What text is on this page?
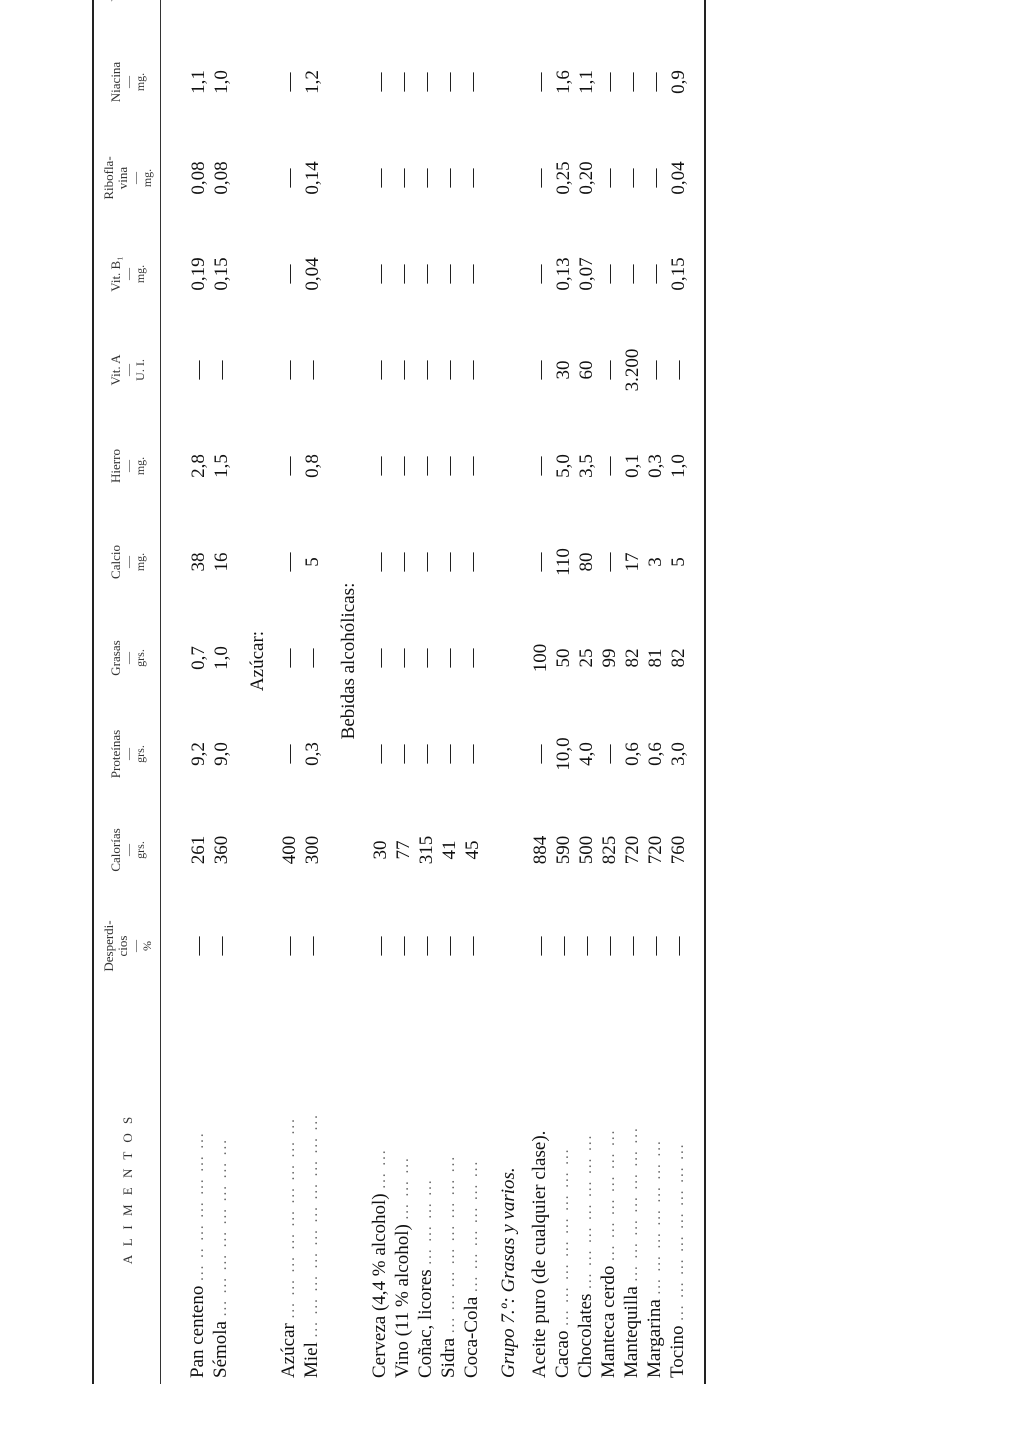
A L I M E N T O S	Desperdi-
cios
—
%	Calorías
—
grs.	Proteínas
—
grs.	Grasas
—
grs.	Calcio
—
mg.	Hierro
—
mg.	Vit. A
—
U. I.	Vit. B₁
—
mg.	Ribofla-
vina
—
mg.	Niacina
—
mg.

Pan centeno ... .. ... ... ... ... ...	—	261	9,2	0,7	38	2,8	—	0,19	0,08	1,1	
Sémola ... ... ... ... ... ... ... ...	—	360	9,0	1,0	16	1,5	—	0,15	0,08	1,0	
Azúcar:											
Azúcar ... ... ... ... ... ... ... ... ...	—	400	—	—	—	—	—	—	—	—	
Miel ... ... ... ... ... ... ... ... ... ...	—	300	0,3	—	5	0,8	—	0,04	0,14	1,2	
Bebidas alcohólicas:											
Cerveza (4,4 % alcohol) ... ...	—	30	—	—	—	—	—	—	—	—	
Vino (11 % alcohol) ... ... ...	—	77	—	—	—	—	—	—	—	—	
Coñac, licores ... ... ... ...	—	315	—	—	—	—	—	—	—	—	
Sidra ... ... ... ... ... ... ... ...	—	41	—	—	—	—	—	—	—	—	
Coca-Cola ... ... ... ... ... ...	—	45	—	—	—	—	—	—	—	—	
Grupo 7.º: Grasas y varios.											
Aceite puro (de cualquier clase).	—	884	—	100	—	—	—	—	—	—	
Cacao ... ... ... ... ... ... ... ...	—	590	10,0	50	110	5,0	30	0,13	0,25	1,6	
Chocolates ... ... ... ... ... ... ...	—	500	4,0	25	80	3,5	60	0,07	0,20	1,1	
Manteca cerdo ... ... ... ... ... ...	—	825	—	99	—	—	—	—	—	—	
Mantequilla ... ... ... ... ... ... ...	—	720	0,6	82	17	0,1	3.200	—	—	—	
Margarina ... ... ... ... ... ... ...	—	720	0,6	81	3	0,3	—	—	—	—	
Tocino ... ... ... ... ... ... ... ...	—	760	3,0	82	5	1,0	—	0,15	0,04	0,9	
